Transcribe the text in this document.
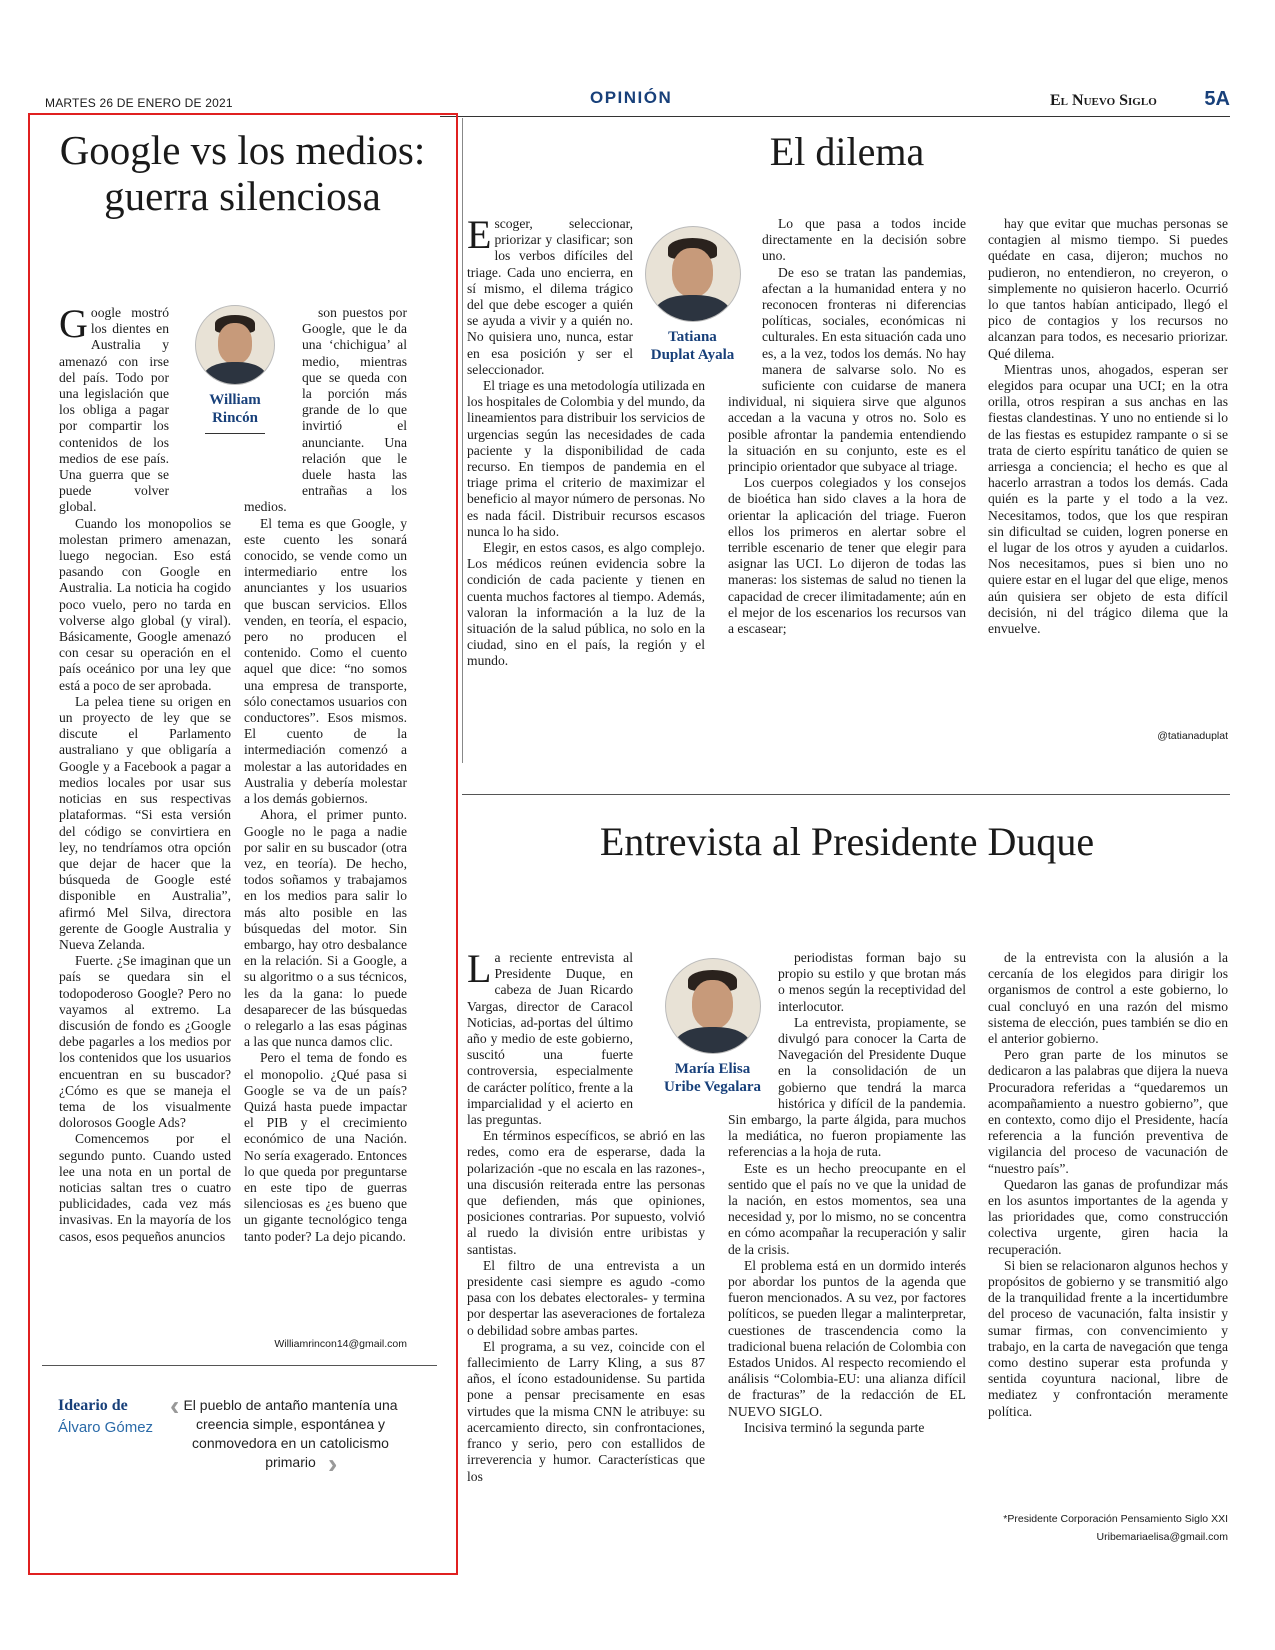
MARTES 26 DE ENERO DE 2021	OPINIÓN	El Nuevo Siglo 5A
Google vs los medios: guerra silenciosa

Google mostró los dientes en Australia y amenazó con irse del país. Todo por una legislación que los obliga a pagar por compartir los contenidos de los medios de ese país. Una guerra que se puede volver global.

Cuando los monopolios se molestan primero amenazan, luego negocian. Eso está pasando con Google en Australia. La noticia ha cogido poco vuelo, pero no tarda en volverse algo global (y viral). Básicamente, Google amenazó con cesar su operación en el país oceánico por una ley que está a poco de ser aprobada.

La pelea tiene su origen en un proyecto de ley que se discute el Parlamento australiano y que obligaría a Google y a Facebook a pagar a medios locales por usar sus noticias en sus respectivas plataformas. “Si esta versión del código se convirtiera en ley, no tendríamos otra opción que dejar de hacer que la búsqueda de Google esté disponible en Australia”, afirmó Mel Silva, directora gerente de Google Australia y Nueva Zelanda.

Fuerte. ¿Se imaginan que un país se quedara sin el todopoderoso Google? Pero no vayamos al extremo. La discusión de fondo es ¿Google debe pagarles a los medios por los contenidos que los usuarios encuentran en su buscador? ¿Cómo es que se maneja el tema de los visualmente dolorosos Google Ads?

Comencemos por el segundo punto. Cuando usted lee una nota en un portal de noticias saltan tres o cuatro publicidades, cada vez más invasivas. En la mayoría de los casos, esos pequeños anuncios

William
Rincón

son puestos por Google, que le da una ‘chichigua’ al medio, mientras que se queda con la porción más grande de lo que invirtió el anunciante. Una relación que le duele hasta las entrañas a los medios.

El tema es que Google, y este cuento les sonará conocido, se vende como un intermediario entre los anunciantes y los usuarios que buscan servicios. Ellos venden, en teoría, el espacio, pero no producen el contenido. Como el cuento aquel que dice: “no somos una empresa de transporte, sólo conectamos usuarios con conductores”. Esos mismos. El cuento de la intermediación comenzó a molestar a las autoridades en Australia y debería molestar a los demás gobiernos.

Ahora, el primer punto. Google no le paga a nadie por salir en su buscador (otra vez, en teoría). De hecho, todos soñamos y trabajamos en los medios para salir lo más alto posible en las búsquedas del motor. Sin embargo, hay otro desbalance en la relación. Si a Google, a su algoritmo o a sus técnicos, les da la gana: lo puede desaparecer de las búsquedas o relegarlo a las esas páginas a las que nunca damos clic.

Pero el tema de fondo es el monopolio. ¿Qué pasa si Google se va de un país? Quizá hasta puede impactar el PIB y el crecimiento económico de una Nación. No sería exagerado. Entonces lo que queda por preguntarse en este tipo de guerras silenciosas es ¿es bueno que un gigante tecnológico tenga tanto poder? La dejo picando.

Williamrincon14@gmail.com
Ideario de
Álvaro Gómez
‹ El pueblo de antaño mantenía una creencia simple, espontánea y conmovedora en un catolicismo primario ›
El dilema

Escoger, seleccionar, priorizar y clasificar; son los verbos difíciles del triage. Cada uno encierra, en sí mismo, el dilema trágico del que debe escoger a quién se ayuda a vivir y a quién no. No quisiera uno, nunca, estar en esa posición y ser el seleccionador.

El triage es una metodología utilizada en los hospitales de Colombia y del mundo, da lineamientos para distribuir los servicios de urgencias según las necesidades de cada paciente y la disponibilidad de cada recurso. En tiempos de pandemia en el triage prima el criterio de maximizar el beneficio al mayor número de personas. No es nada fácil. Distribuir recursos escasos nunca lo ha sido.

Elegir, en estos casos, es algo complejo. Los médicos reúnen evidencia sobre la condición de cada paciente y tienen en cuenta muchos factores al tiempo. Además, valoran la información a la luz de la situación de la salud pública, no solo en la ciudad, sino en el país, la región y el mundo.

Tatiana
Duplat Ayala

Lo que pasa a todos incide directamente en la decisión sobre uno.

De eso se tratan las pandemias, afectan a la humanidad entera y no reconocen fronteras ni diferencias políticas, sociales, económicas ni culturales. En esta situación cada uno es, a la vez, todos los demás. No hay manera de salvarse solo. No es suficiente con cuidarse de manera individual, ni siquiera sirve que algunos accedan a la vacuna y otros no. Solo es posible afrontar la pandemia entendiendo la situación en su conjunto, este es el principio orientador que subyace al triage.

Los cuerpos colegiados y los consejos de bioética han sido claves a la hora de orientar la aplicación del triage. Fueron ellos los primeros en alertar sobre el terrible escenario de tener que elegir para asignar las UCI. Lo dijeron de todas las maneras: los sistemas de salud no tienen la capacidad de crecer ilimitadamente; aún en el mejor de los escenarios los recursos van a escasear;

hay que evitar que muchas personas se contagien al mismo tiempo. Si puedes quédate en casa, dijeron; muchos no pudieron, no entendieron, no creyeron, o simplemente no quisieron hacerlo. Ocurrió lo que tantos habían anticipado, llegó el pico de contagios y los recursos no alcanzan para todos, es necesario priorizar. Qué dilema.

Mientras unos, ahogados, esperan ser elegidos para ocupar una UCI; en la otra orilla, otros respiran a sus anchas en las fiestas clandestinas. Y uno no entiende si lo de las fiestas es estupidez rampante o si se trata de cierto espíritu tanático de quien se arriesga a conciencia; el hecho es que al hacerlo arrastran a todos los demás. Cada quién es la parte y el todo a la vez. Necesitamos, todos, que los que respiran sin dificultad se cuiden, logren ponerse en el lugar de los otros y ayuden a cuidarlos. Nos necesitamos, pues si bien uno no quiere estar en el lugar del que elige, menos aún quisiera ser objeto de esta difícil decisión, ni del trágico dilema que la envuelve.

@tatianaduplat
Entrevista al Presidente Duque

La reciente entrevista al Presidente Duque, en cabeza de Juan Ricardo Vargas, director de Caracol Noticias, ad-portas del último año y medio de este gobierno, suscitó una fuerte controversia, especialmente de carácter político, frente a la imparcialidad y el acierto en las preguntas.

En términos específicos, se abrió en las redes, como era de esperarse, dada la polarización -que no escala en las razones-, una discusión reiterada entre las personas que defienden, más que opiniones, posiciones contrarias. Por supuesto, volvió al ruedo la división entre uribistas y santistas.

El filtro de una entrevista a un presidente casi siempre es agudo -como pasa con los debates electorales- y termina por despertar las aseveraciones de fortaleza o debilidad sobre ambas partes.

El programa, a su vez, coincide con el fallecimiento de Larry Kling, a sus 87 años, el ícono estadounidense. Su partida pone a pensar precisamente en esas virtudes que la misma CNN le atribuye: su acercamiento directo, sin confrontaciones, franco y serio, pero con estallidos de irreverencia y humor. Características que los

María Elisa
Uribe Vegalara

periodistas forman bajo su propio su estilo y que brotan más o menos según la receptividad del interlocutor.

La entrevista, propiamente, se divulgó para conocer la Carta de Navegación del Presidente Duque en la consolidación de un gobierno que tendrá la marca histórica y difícil de la pandemia. Sin embargo, la parte álgida, para muchos la mediática, no fueron propiamente las referencias a la hoja de ruta.

Este es un hecho preocupante en el sentido que el país no ve que la unidad de la nación, en estos momentos, sea una necesidad y, por lo mismo, no se concentra en cómo acompañar la recuperación y salir de la crisis.

El problema está en un dormido interés por abordar los puntos de la agenda que fueron mencionados. A su vez, por factores políticos, se pueden llegar a malinterpretar, cuestiones de trascendencia como la tradicional buena relación de Colombia con Estados Unidos. Al respecto recomiendo el análisis “Colombia-EU: una alianza difícil de fracturas” de la redacción de EL NUEVO SIGLO.

Incisiva terminó la segunda parte

de la entrevista con la alusión a la cercanía de los elegidos para dirigir los organismos de control a este gobierno, lo cual concluyó en una razón del mismo sistema de elección, pues también se dio en el anterior gobierno.

Pero gran parte de los minutos se dedicaron a las palabras que dijera la nueva Procuradora referidas a “quedaremos un acompañamiento a nuestro gobierno”, que en contexto, como dijo el Presidente, hacía referencia a la función preventiva de vigilancia del proceso de vacunación de “nuestro país”.

Quedaron las ganas de profundizar más en los asuntos importantes de la agenda y las prioridades que, como construcción colectiva urgente, giren hacia la recuperación.

Si bien se relacionaron algunos hechos y propósitos de gobierno y se transmitió algo de la tranquilidad frente a la incertidumbre del proceso de vacunación, falta insistir y sumar firmas, con convencimiento y trabajo, en la carta de navegación que tenga como destino superar esta profunda y sentida coyuntura nacional, libre de mediatez y confrontación meramente política.

*Presidente Corporación Pensamiento Siglo XXI
Uribemariaelisa@gmail.com
